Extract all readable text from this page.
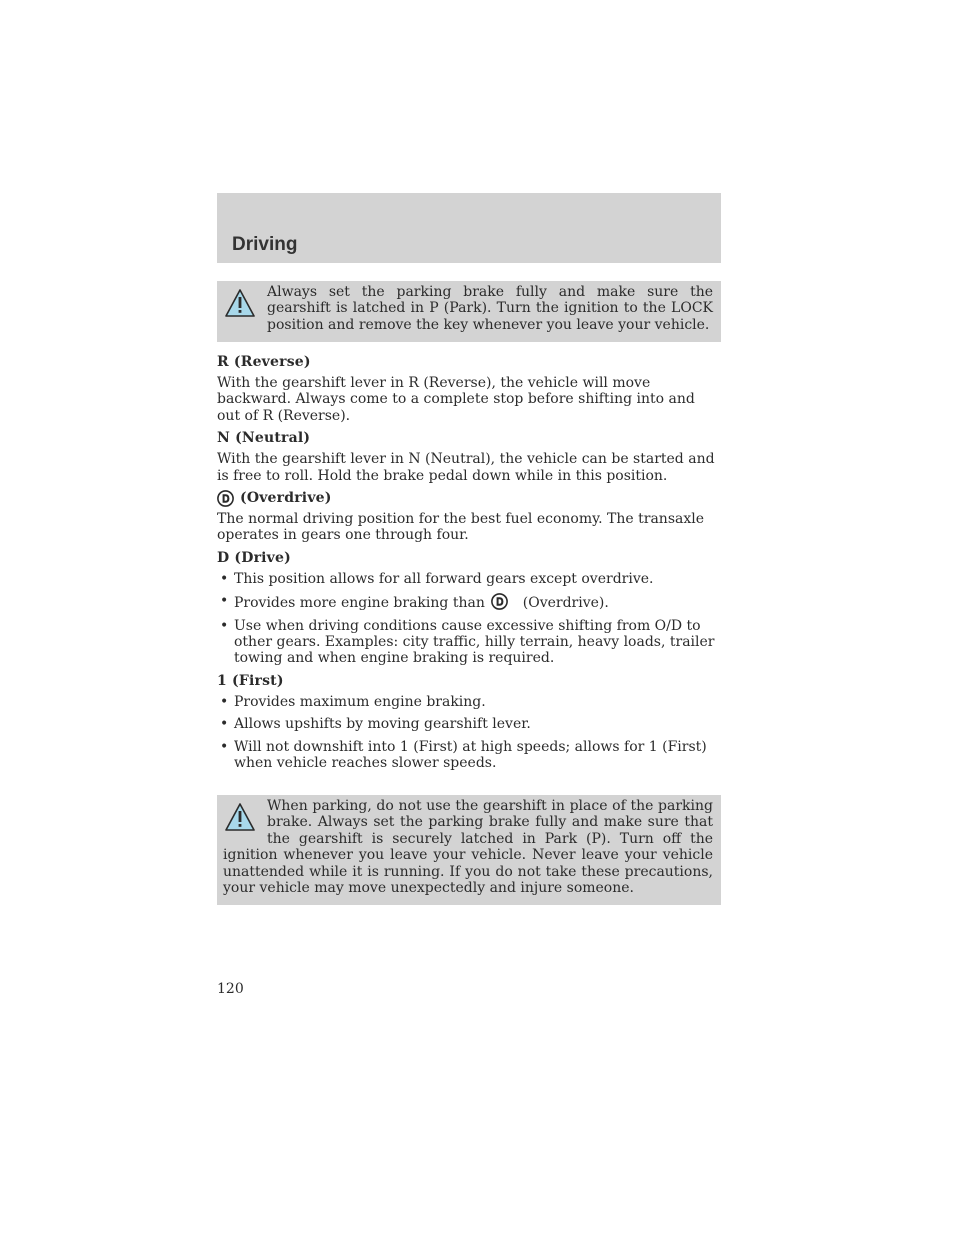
Driving

Always set the parking brake fully and make sure the gearshift is latched in P (Park). Turn the ignition to the LOCK position and remove the key whenever you leave your vehicle.

R (Reverse)

With the gearshift lever in R (Reverse), the vehicle will move backward. Always come to a complete stop before shifting into and out of R (Reverse).

N (Neutral)

With the gearshift lever in N (Neutral), the vehicle can be started and is free to roll. Hold the brake pedal down while in this position.

(Overdrive)

The normal driving position for the best fuel economy. The transaxle operates in gears one through four.

D (Drive)
• This position allows for all forward gears except overdrive.
• Provides more engine braking than	(Overdrive).
• Use when driving conditions cause excessive shifting from O/D to other gears. Examples: city traffic, hilly terrain, heavy loads, trailer towing and when engine braking is required.
1 (First)
• Provides maximum engine braking.
• Allows upshifts by moving gearshift lever.
• Will not downshift into 1 (First) at high speeds; allows for 1 (First) when vehicle reaches slower speeds.

When parking, do not use the gearshift in place of the parking brake. Always set the parking brake fully and make sure that the gearshift is securely latched in Park (P). Turn off the ignition whenever you leave your vehicle. Never leave your vehicle unattended while it is running. If you do not take these precautions, your vehicle may move unexpectedly and injure someone.

120
